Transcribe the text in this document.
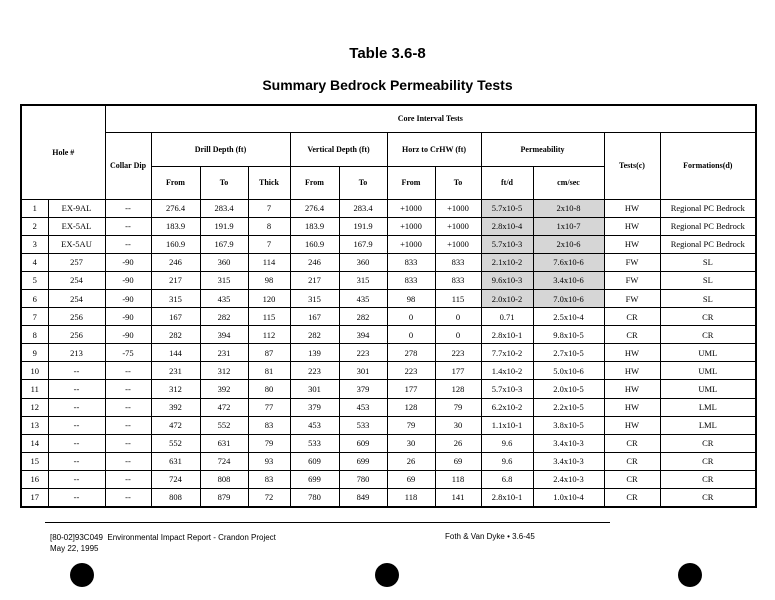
Table 3.6-8
Summary Bedrock Permeability Tests
Hole #		Core Interval Tests											
		Collar Dip	Drill Depth (ft)			Vertical Depth (ft)		Horz to CrHW (ft)		Permeability		Tests(c)	Formations(d)
			From	To	Thick	From	To	From	To	ft/d	cm/sec		
1	EX-9AL	--	276.4	283.4	7	276.4	283.4	+1000	+1000	5.7x10-5	2x10-8	HW	Regional PC Bedrock
2	EX-5AL	--	183.9	191.9	8	183.9	191.9	+1000	+1000	2.8x10-4	1x10-7	HW	Regional PC Bedrock
3	EX-5AU	--	160.9	167.9	7	160.9	167.9	+1000	+1000	5.7x10-3	2x10-6	HW	Regional PC Bedrock
4	257	-90	246	360	114	246	360	833	833	2.1x10-2	7.6x10-6	FW	SL
5	254	-90	217	315	98	217	315	833	833	9.6x10-3	3.4x10-6	FW	SL
6	254	-90	315	435	120	315	435	98	115	2.0x10-2	7.0x10-6	FW	SL
7	256	-90	167	282	115	167	282	0	0	0.71	2.5x10-4	CR	CR
8	256	-90	282	394	112	282	394	0	0	2.8x10-1	9.8x10-5	CR	CR
9	213	-75	144	231	87	139	223	278	223	7.7x10-2	2.7x10-5	HW	UML
10	--	--	231	312	81	223	301	223	177	1.4x10-2	5.0x10-6	HW	UML
11	--	--	312	392	80	301	379	177	128	5.7x10-3	2.0x10-5	HW	UML
12	--	--	392	472	77	379	453	128	79	6.2x10-2	2.2x10-5	HW	LML
13	--	--	472	552	83	453	533	79	30	1.1x10-1	3.8x10-5	HW	LML
14	--	--	552	631	79	533	609	30	26	9.6	3.4x10-3	CR	CR
15	--	--	631	724	93	609	699	26	69	9.6	3.4x10-3	CR	CR
16	--	--	724	808	83	699	780	69	118	6.8	2.4x10-3	CR	CR
17	--	--	808	879	72	780	849	118	141	2.8x10-1	1.0x10-4	CR	CR
[80-02]93C049  Environmental Impact Report - Crandon Project
May 22, 1995
Foth & Van Dyke • 3.6-45
